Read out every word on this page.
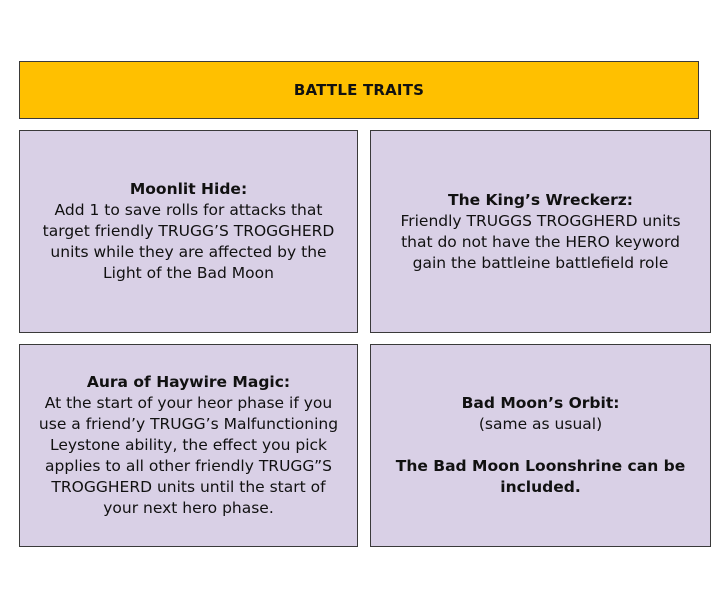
BATTLE TRAITS
Moonlit Hide:
Add 1 to save rolls for attacks that
target friendly TRUGG’S TROGGHERD
units while they are affected by the
Light of the Bad Moon
The King’s Wreckerz:
Friendly TRUGGS TROGGHERD units
that do not have the HERO keyword
gain the battleine battlefield role
Aura of Haywire Magic:
At the start of your heor phase if you
use a friend’y TRUGG’s Malfunctioning
Leystone ability, the effect you pick
applies to all other friendly TRUGG”S
TROGGHERD units until the start of
your next hero phase.
Bad Moon’s Orbit:
(same as usual)
The Bad Moon Loonshrine can be
included.
